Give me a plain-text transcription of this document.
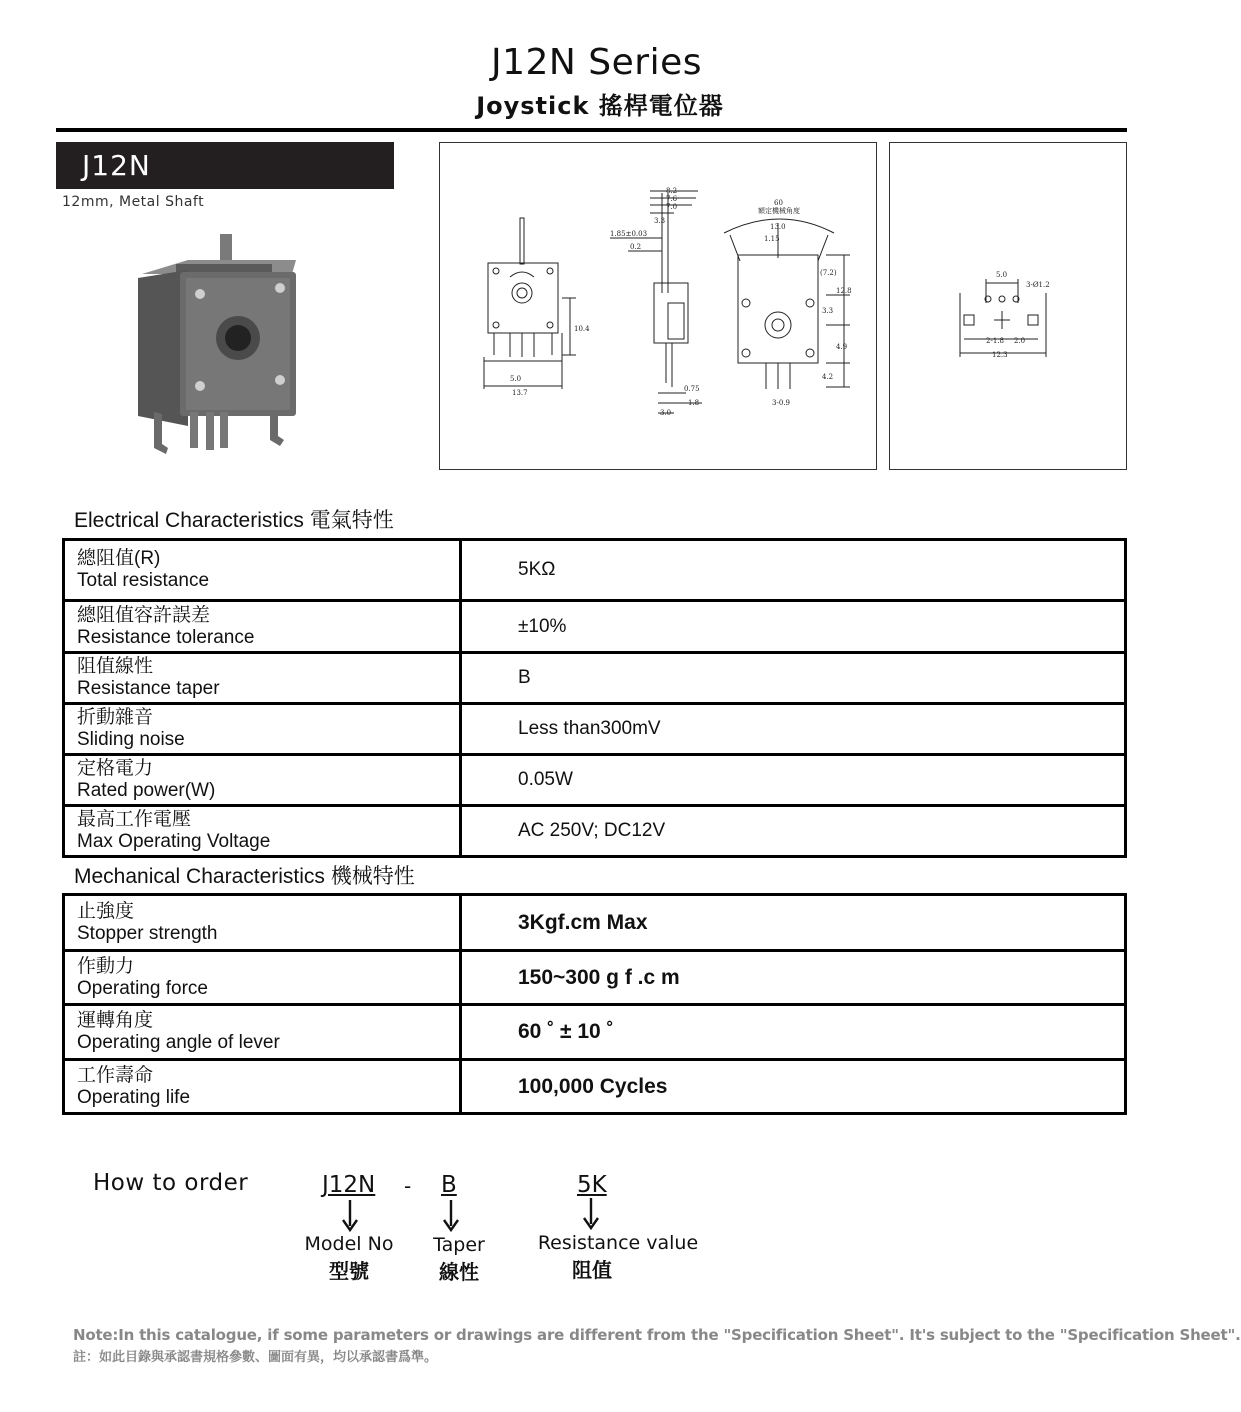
J12N Series
Joystick 搖桿電位器
J12N
12mm, Metal Shaft
5.0
13.7
10.4
8.2
7.6
7.0
3.3
1.85±0.03
0.2
0.75
1.8
3.0
60
額定機械角度
13.0
1.15
(7.2)
12.8
3.3
4.9
4.2
3-0.9
5.0
3-Ø1.2
2-1.8 2.0
12.3
Electrical Characteristics 電氣特性
總阻值(R)
Total resistance	5KΩ

總阻值容許誤差
Resistance tolerance	±10%

阻值線性
Resistance taper	B

折動雜音
Sliding noise	Less than300mV

定格電力
Rated power(W)	0.05W

最高工作電壓
Max Operating Voltage	AC 250V; DC12V
Mechanical Characteristics 機械特性
止強度
Stopper strength	3Kgf.cm Max

作動力
Operating force	150~300 g f .c m

運轉角度
Operating angle of lever	60 ˚ ± 10 ˚

工作壽命
Operating life	100,000 Cycles
How to order	J12N - B	5K
Model No
型號
Taper
線性
Resistance value
阻值
Note:In this catalogue, if some parameters or drawings are different from the "Specification Sheet". It's subject to the "Specification Sheet".
註：如此目錄與承認書規格參數、圖面有異，均以承認書爲準。
